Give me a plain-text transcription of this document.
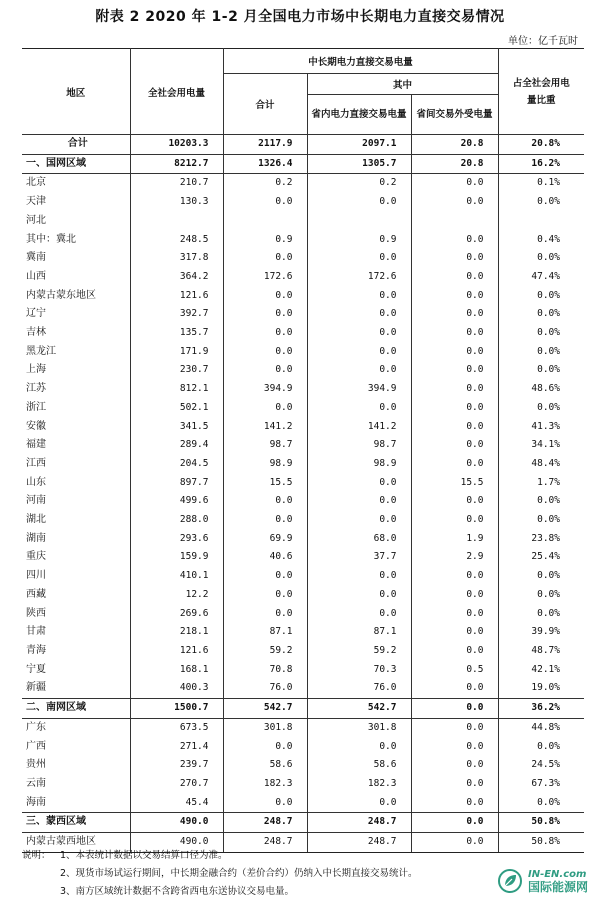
附表 2 2020 年 1-2 月全国电力市场中长期电力直接交易情况
单位：亿千瓦时
地区	全社会用电量	中长期电力直接交易电量			占全社会用电量比重
		合计	其中		
			省内电力直接交易电量	省间交易外受电量	
合计	10203.3	2117.9	2097.1	20.8	20.8%
一、国网区域	8212.7	1326.4	1305.7	20.8	16.2%
北京	210.7	0.2	0.2	0.0	0.1%
天津	130.3	0.0	0.0	0.0	0.0%
河北					
其中：冀北	248.5	0.9	0.9	0.0	0.4%
冀南	317.8	0.0	0.0	0.0	0.0%
山西	364.2	172.6	172.6	0.0	47.4%
内蒙古蒙东地区	121.6	0.0	0.0	0.0	0.0%
辽宁	392.7	0.0	0.0	0.0	0.0%
吉林	135.7	0.0	0.0	0.0	0.0%
黑龙江	171.9	0.0	0.0	0.0	0.0%
上海	230.7	0.0	0.0	0.0	0.0%
江苏	812.1	394.9	394.9	0.0	48.6%
浙江	502.1	0.0	0.0	0.0	0.0%
安徽	341.5	141.2	141.2	0.0	41.3%
福建	289.4	98.7	98.7	0.0	34.1%
江西	204.5	98.9	98.9	0.0	48.4%
山东	897.7	15.5	0.0	15.5	1.7%
河南	499.6	0.0	0.0	0.0	0.0%
湖北	288.0	0.0	0.0	0.0	0.0%
湖南	293.6	69.9	68.0	1.9	23.8%
重庆	159.9	40.6	37.7	2.9	25.4%
四川	410.1	0.0	0.0	0.0	0.0%
西藏	12.2	0.0	0.0	0.0	0.0%
陕西	269.6	0.0	0.0	0.0	0.0%
甘肃	218.1	87.1	87.1	0.0	39.9%
青海	121.6	59.2	59.2	0.0	48.7%
宁夏	168.1	70.8	70.3	0.5	42.1%
新疆	400.3	76.0	76.0	0.0	19.0%
二、南网区域	1500.7	542.7	542.7	0.0	36.2%
广东	673.5	301.8	301.8	0.0	44.8%
广西	271.4	0.0	0.0	0.0	0.0%
贵州	239.7	58.6	58.6	0.0	24.5%
云南	270.7	182.3	182.3	0.0	67.3%
海南	45.4	0.0	0.0	0.0	0.0%
三、蒙西区域	490.0	248.7	248.7	0.0	50.8%
内蒙古蒙西地区	490.0	248.7	248.7	0.0	50.8%
说明： 1、本表统计数据以交易结算口径为准。
2、现货市场试运行期间，中长期金融合约（差价合约）仍纳入中长期直接交易统计。
3、南方区域统计数据不含跨省西电东送协议交易电量。
IN-EN.com
国际能源网
